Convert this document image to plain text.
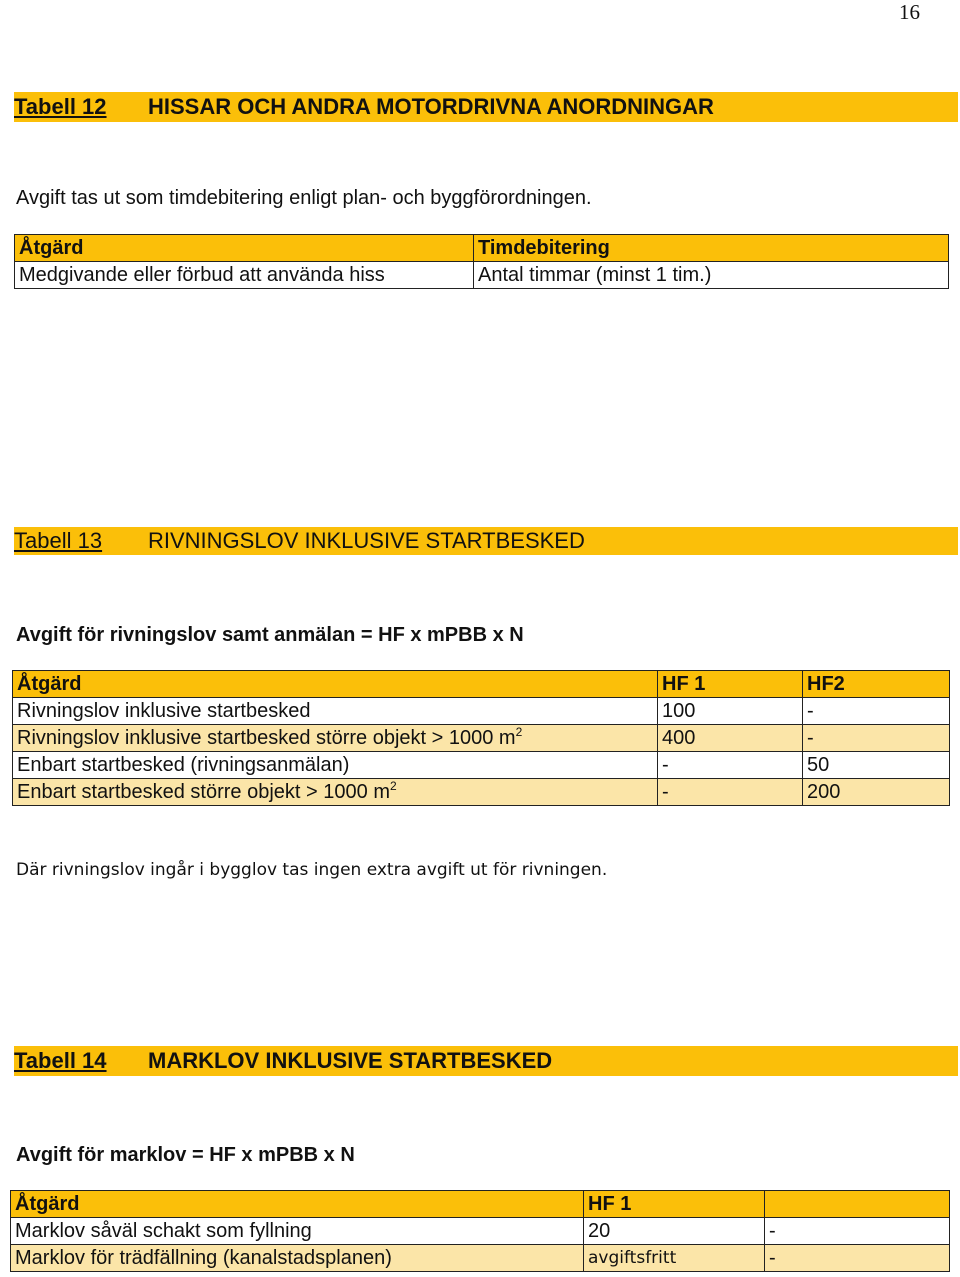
16
Tabell 12	HISSAR OCH ANDRA MOTORDRIVNA ANORDNINGAR
Avgift tas ut som timdebitering enligt plan- och byggförordningen.
Åtgärd	Timdebitering
Medgivande eller förbud att använda hiss	Antal timmar (minst 1 tim.)
Tabell 13	RIVNINGSLOV INKLUSIVE STARTBESKED
Avgift för rivningslov samt anmälan = HF x mPBB x N
Åtgärd	HF 1	HF2
Rivningslov inklusive startbesked	100	-
Rivningslov inklusive startbesked större objekt > 1000 $m^2$	400	-
Enbart startbesked (rivningsanmälan)	-	50
Enbart startbesked större objekt > 1000 $m^2$	-	200
Där rivningslov ingår i bygglov tas ingen extra avgift ut för rivningen.
Tabell 14	MARKLOV INKLUSIVE STARTBESKED
Avgift för marklov = HF x mPBB x N
Åtgärd	HF 1	
Marklov såväl schakt som fyllning	20	-
Marklov för trädfällning (kanalstadsplanen)	avgiftsfritt	-
